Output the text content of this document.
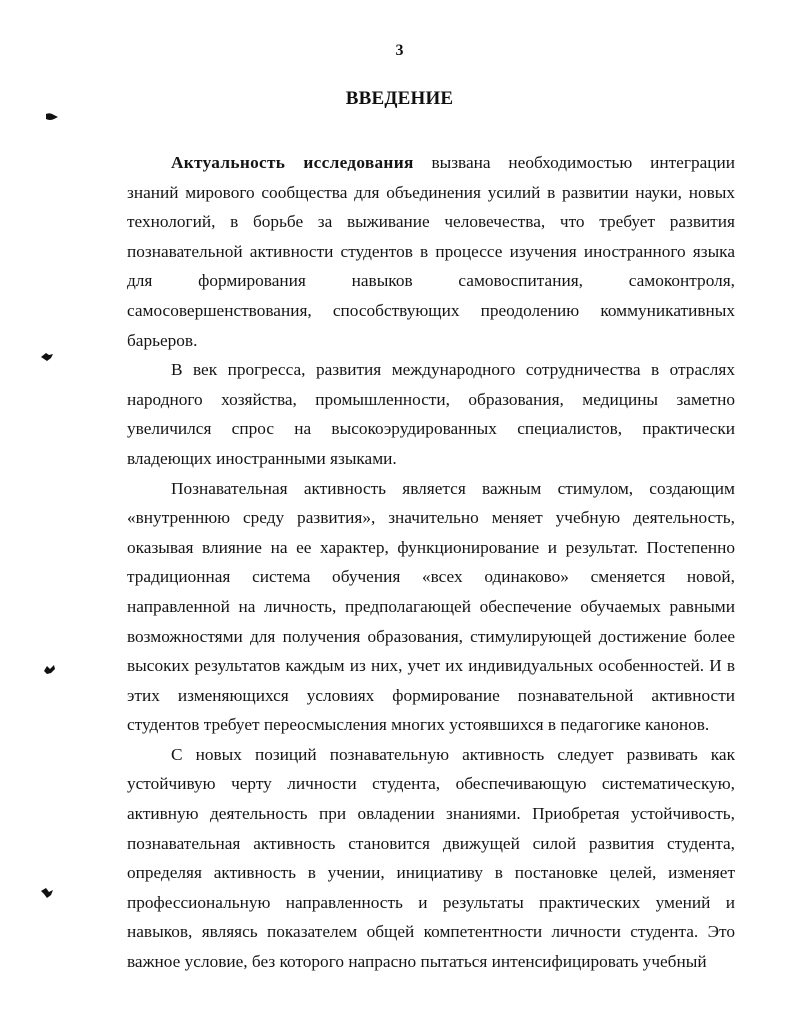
3
ВВЕДЕНИЕ

Актуальность исследования вызвана необходимостью интеграции знаний мирового сообщества для объединения усилий в развитии науки, новых технологий, в борьбе за выживание человечества, что требует развития познавательной активности студентов в процессе изучения иностранного языка для формирования навыков самовоспитания, самоконтроля, самосовершенствования, способствующих преодолению коммуникативных барьеров.

В век прогресса, развития международного сотрудничества в отраслях народного хозяйства, промышленности, образования, медицины заметно увеличился спрос на высокоэрудированных специалистов, практически владеющих иностранными языками.

Познавательная активность является важным стимулом, создающим «внутреннюю среду развития», значительно меняет учебную деятельность, оказывая влияние на ее характер, функционирование и результат. Постепенно традиционная система обучения «всех одинаково» сменяется новой, направленной на личность, предполагающей обеспечение обучаемых равными возможностями для получения образования, стимулирующей достижение более высоких результатов каждым из них, учет их индивидуальных особенностей. И в этих изменяющихся условиях формирование познавательной активности студентов требует переосмысления многих устоявшихся в педагогике канонов.

С новых позиций познавательную активность следует развивать как устойчивую черту личности студента, обеспечивающую систематическую, активную деятельность при овладении знаниями. Приобретая устойчивость, познавательная активность становится движущей силой развития студента, определяя активность в учении, инициативу в постановке целей, изменяет профессиональную направленность и результаты практических умений и навыков, являясь показателем общей компетентности личности студента. Это важное условие, без которого напрасно пытаться интенсифицировать учебный
